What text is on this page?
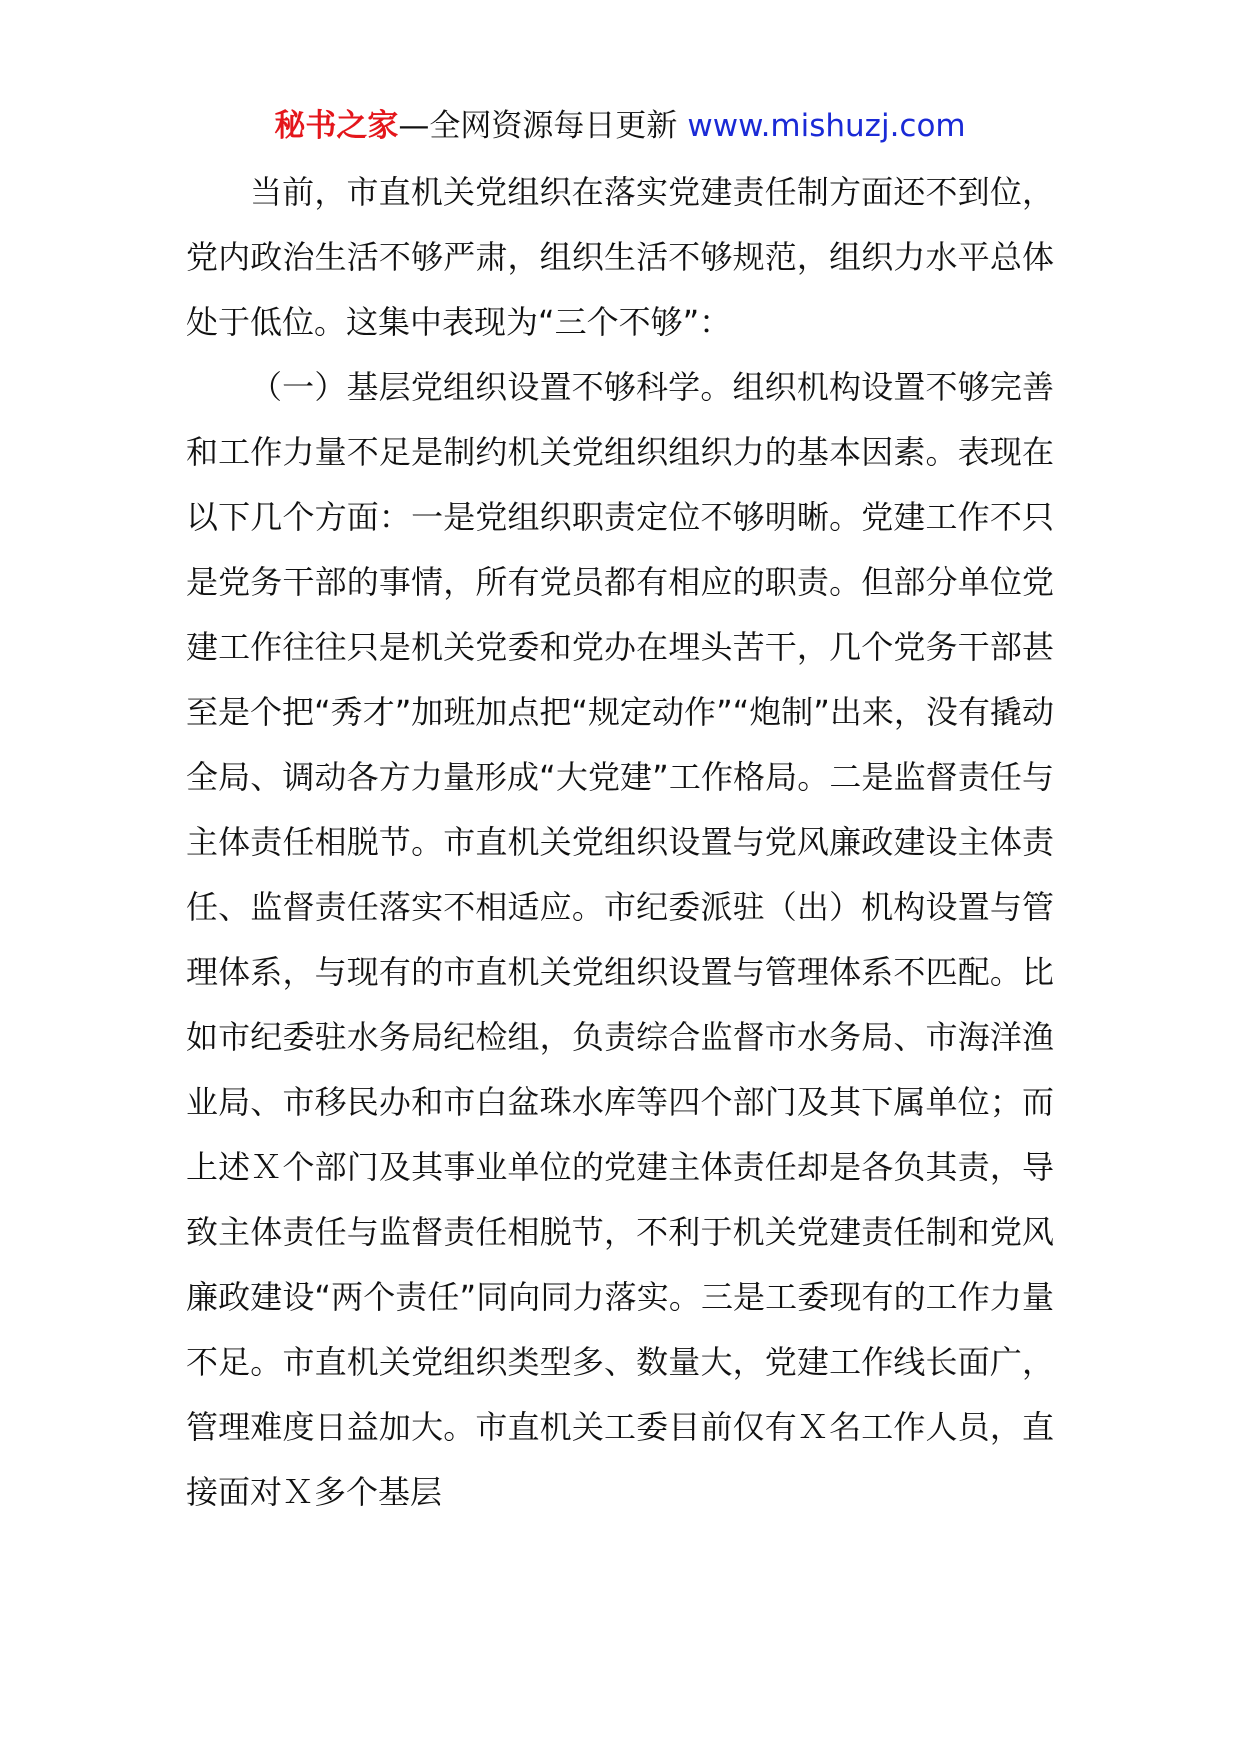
秘书之家—全网资源每日更新 www.mishuzj.com

当前，市直机关党组织在落实党建责任制方面还不到位，党内政治生活不够严肃，组织生活不够规范，组织力水平总体处于低位。这集中表现为“三个不够”：

（一）基层党组织设置不够科学。组织机构设置不够完善和工作力量不足是制约机关党组织组织力的基本因素。表现在以下几个方面：一是党组织职责定位不够明晰。党建工作不只是党务干部的事情，所有党员都有相应的职责。但部分单位党建工作往往只是机关党委和党办在埋头苦干，几个党务干部甚至是个把“秀才”加班加点把“规定动作”“炮制”出来，没有撬动全局、调动各方力量形成“大党建”工作格局。二是监督责任与主体责任相脱节。市直机关党组织设置与党风廉政建设主体责任、监督责任落实不相适应。市纪委派驻（出）机构设置与管理体系，与现有的市直机关党组织设置与管理体系不匹配。比如市纪委驻水务局纪检组，负责综合监督市水务局、市海洋渔业局、市移民办和市白盆珠水库等四个部门及其下属单位；而上述Ｘ个部门及其事业单位的党建主体责任却是各负其责，导致主体责任与监督责任相脱节，不利于机关党建责任制和党风廉政建设“两个责任”同向同力落实。三是工委现有的工作力量不足。市直机关党组织类型多、数量大，党建工作线长面广，管理难度日益加大。市直机关工委目前仅有Ｘ名工作人员，直接面对Ｘ多个基层
